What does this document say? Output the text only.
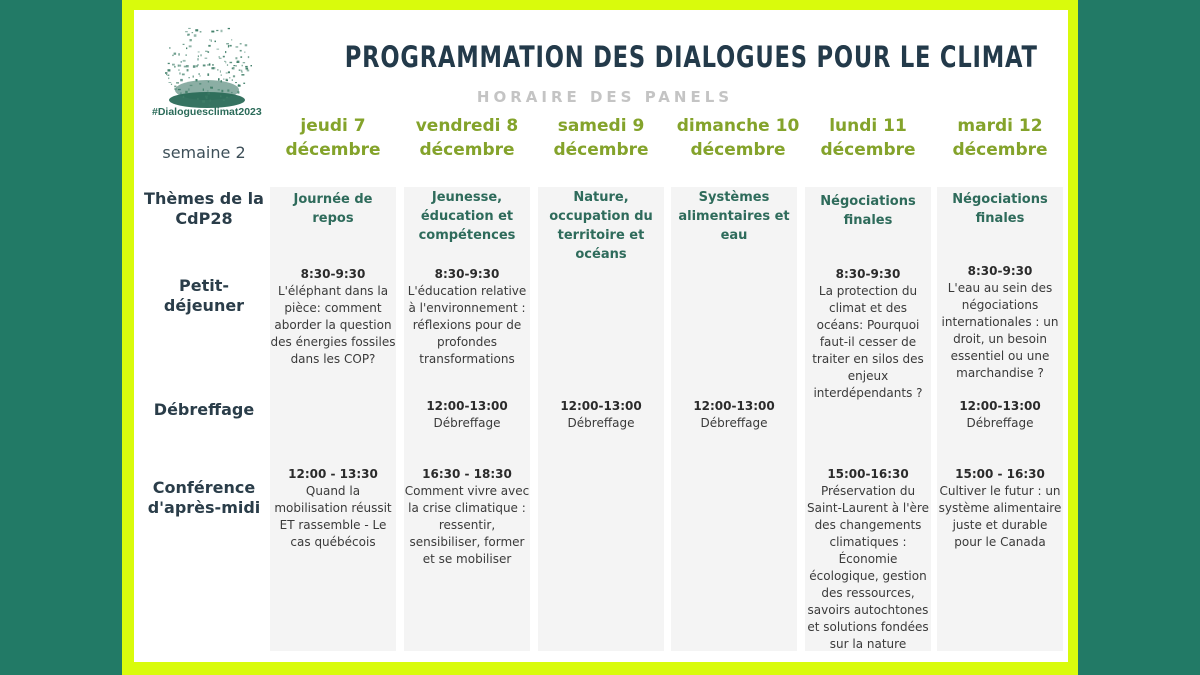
#Dialoguesclimat2023
PROGRAMMATION DES DIALOGUES POUR LE CLIMAT
HORAIRE DES PANELS
semaine 2
Thèmes de la CdP28
Petit-déjeuner
Débreffage
Conférence d'après-midi
jeudi 7 décembre
vendredi 8 décembre
samedi 9 décembre
dimanche 10 décembre
lundi 11 décembre
mardi 12 décembre
Journée de repos
Jeunesse, éducation et compétences
Nature, occupation du territoire et océans
Systèmes alimentaires et eau
Négociations finales
Négociations finales
8:30-9:30
L'éléphant dans la pièce: comment aborder la question des énergies fossiles dans les COP?
8:30-9:30
L'éducation relative à l'environnement : réflexions pour de profondes transformations
8:30-9:30
La protection du climat et des océans: Pourquoi faut-il cesser de traiter en silos des enjeux interdépendants ?
8:30-9:30
L'eau au sein des négociations internationales : un droit, un besoin essentiel ou une marchandise ?
12:00-13:00
Débreffage
12:00-13:00
Débreffage
12:00-13:00
Débreffage
12:00-13:00
Débreffage
12:00 - 13:30
Quand la mobilisation réussit ET rassemble - Le cas québécois
16:30 - 18:30
Comment vivre avec la crise climatique : ressentir, sensibiliser, former et se mobiliser
15:00-16:30
Préservation du Saint-Laurent à l'ère des changements climatiques : Économie écologique, gestion des ressources, savoirs autochtones et solutions fondées sur la nature
15:00 - 16:30
Cultiver le futur : un système alimentaire juste et durable pour le Canada
